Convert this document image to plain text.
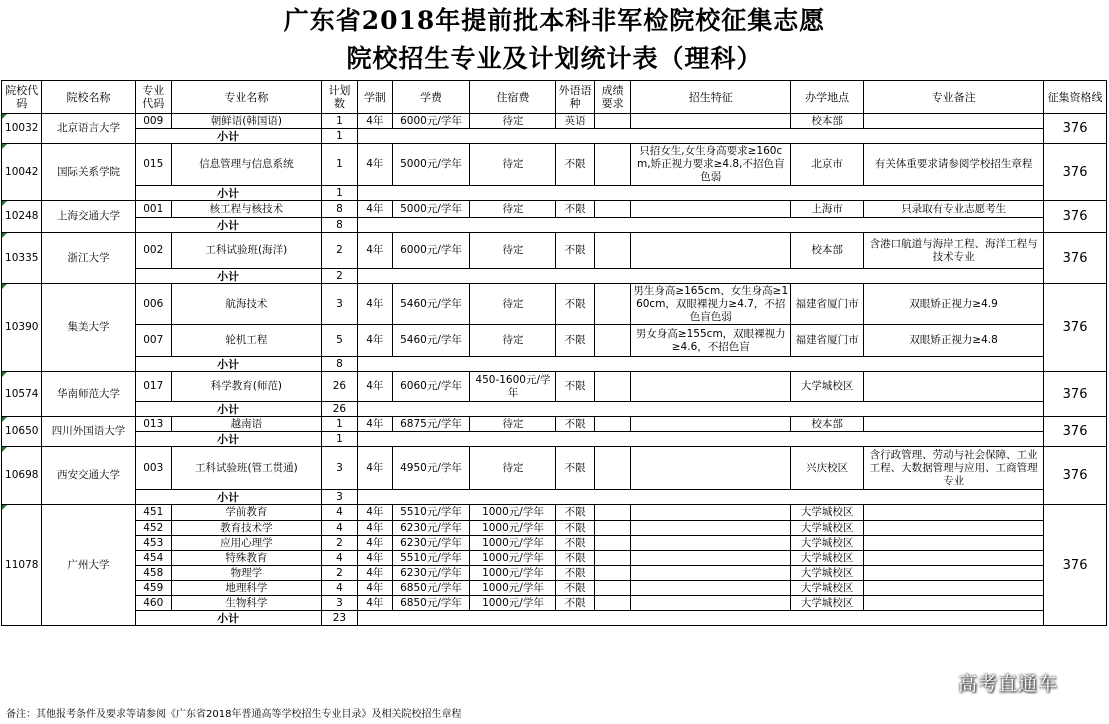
广东省2018年提前批本科非军检院校征集志愿
院校招生专业及计划统计表（理科）
院校代码	院校名称	专业代码	专业名称	计划数	学制	学费	住宿费	外语语种	成绩要求	招生特征	办学地点	专业备注	征集资格线
10032	北京语言大学	009	朝鲜语(韩国语)	1	4年	6000元/学年	待定	英语			校本部		376
		小计		1									
10042	国际关系学院	015	信息管理与信息系统	1	4年	5000元/学年	待定	不限		只招女生,女生身高要求≥160cm,矫正视力要求≥4.8,不招色盲色弱	北京市	有关体重要求请参阅学校招生章程	376
		小计		1									
10248	上海交通大学	001	核工程与核技术	8	4年	5000元/学年	待定	不限			上海市	只录取有专业志愿考生	376
		小计		8									
10335	浙江大学	002	工科试验班(海洋)	2	4年	6000元/学年	待定	不限			校本部	含港口航道与海岸工程、海洋工程与技术专业	376
		小计		2									
10390	集美大学	006	航海技术	3	4年	5460元/学年	待定	不限		男生身高≥165cm、女生身高≥160cm，双眼裸视力≥4.7，不招色盲色弱	福建省厦门市	双眼矫正视力≥4.9	376
		007	轮机工程	5	4年	5460元/学年	待定	不限		男女身高≥155cm，双眼裸视力≥4.6，不招色盲	福建省厦门市	双眼矫正视力≥4.8	
		小计		8									
10574	华南师范大学	017	科学教育(师范)	26	4年	6060元/学年	450-1600元/学年	不限			大学城校区		376
		小计		26									
10650	四川外国语大学	013	越南语	1	4年	6875元/学年	待定	不限			校本部		376
		小计		1									
10698	西安交通大学	003	工科试验班(管工贯通)	3	4年	4950元/学年	待定	不限			兴庆校区	含行政管理、劳动与社会保障、工业工程、大数据管理与应用、工商管理专业	376
		小计		3									
11078	广州大学	451	学前教育	4	4年	5510元/学年	1000元/学年	不限			大学城校区		376
		452	教育技术学	4	4年	6230元/学年	1000元/学年	不限			大学城校区		
		453	应用心理学	2	4年	6230元/学年	1000元/学年	不限			大学城校区		
		454	特殊教育	4	4年	5510元/学年	1000元/学年	不限			大学城校区		
		458	物理学	2	4年	6230元/学年	1000元/学年	不限			大学城校区		
		459	地理科学	4	4年	6850元/学年	1000元/学年	不限			大学城校区		
		460	生物科学	3	4年	6850元/学年	1000元/学年	不限			大学城校区		
		小计		23									
备注：其他报考条件及要求等请参阅《广东省2018年普通高等学校招生专业目录》及相关院校招生章程
高考直通车
